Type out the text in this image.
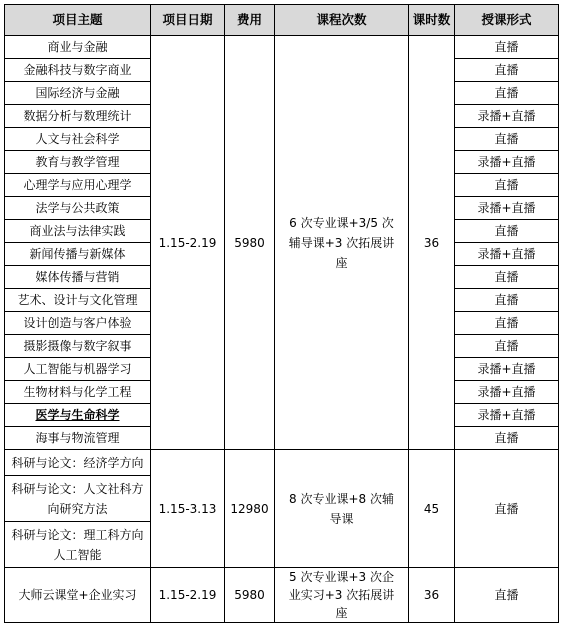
项目主题	项目日期	费用	课程次数	课时数	授课形式
商业与金融	1.15-2.19	5980	6 次专业课+3/5 次辅导课+3 次拓展讲座	36	直播
金融科技与数字商业					直播
国际经济与金融					直播
数据分析与数理统计					录播+直播
人文与社会科学					直播
教育与教学管理					录播+直播
心理学与应用心理学					直播
法学与公共政策					录播+直播
商业法与法律实践					直播
新闻传播与新媒体					录播+直播
媒体传播与营销					直播
艺术、设计与文化管理					直播
设计创造与客户体验					直播
摄影摄像与数字叙事					直播
人工智能与机器学习					录播+直播
生物材料与化学工程					录播+直播
医学与生命科学					录播+直播
海事与物流管理					直播
科研与论文：经济学方向	1.15-3.13	12980	8 次专业课+8 次辅导课	45	直播
科研与论文：人文社科方向研究方法					
科研与论文：理工科方向人工智能					
大师云课堂+企业实习	1.15-2.19	5980	5 次专业课+3 次企业实习+3 次拓展讲座	36	直播
